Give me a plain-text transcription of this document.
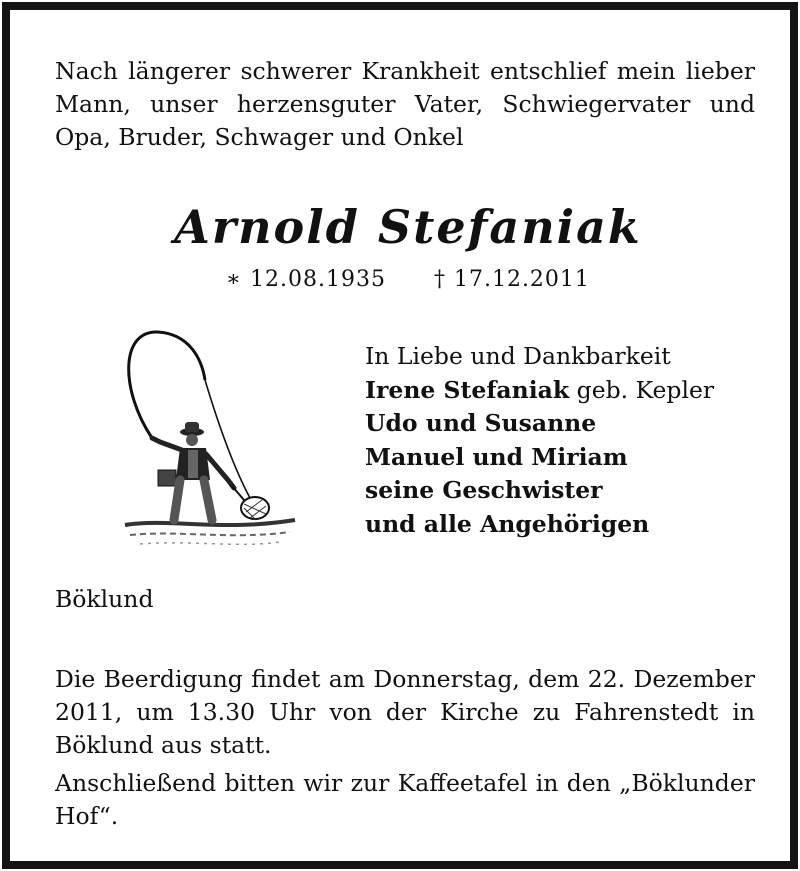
Nach längerer schwerer Krankheit entschlief mein lieber
Mann, unser herzensguter Vater, Schwiegervater und
Opa, Bruder, Schwager und Onkel
Arnold Stefaniak
∗ 12.08.1935 † 17.12.2011
In Liebe und Dankbarkeit
Irene Stefaniak geb. Kepler
Udo und Susanne
Manuel und Miriam
seine Geschwister
und alle Angehörigen
Böklund
Die Beerdigung findet am Donnerstag, dem 22. Dezember
2011, um 13.30 Uhr von der Kirche zu Fahrenstedt in
Böklund aus statt.
Anschließend bitten wir zur Kaffeetafel in den „Böklunder
Hof“.
